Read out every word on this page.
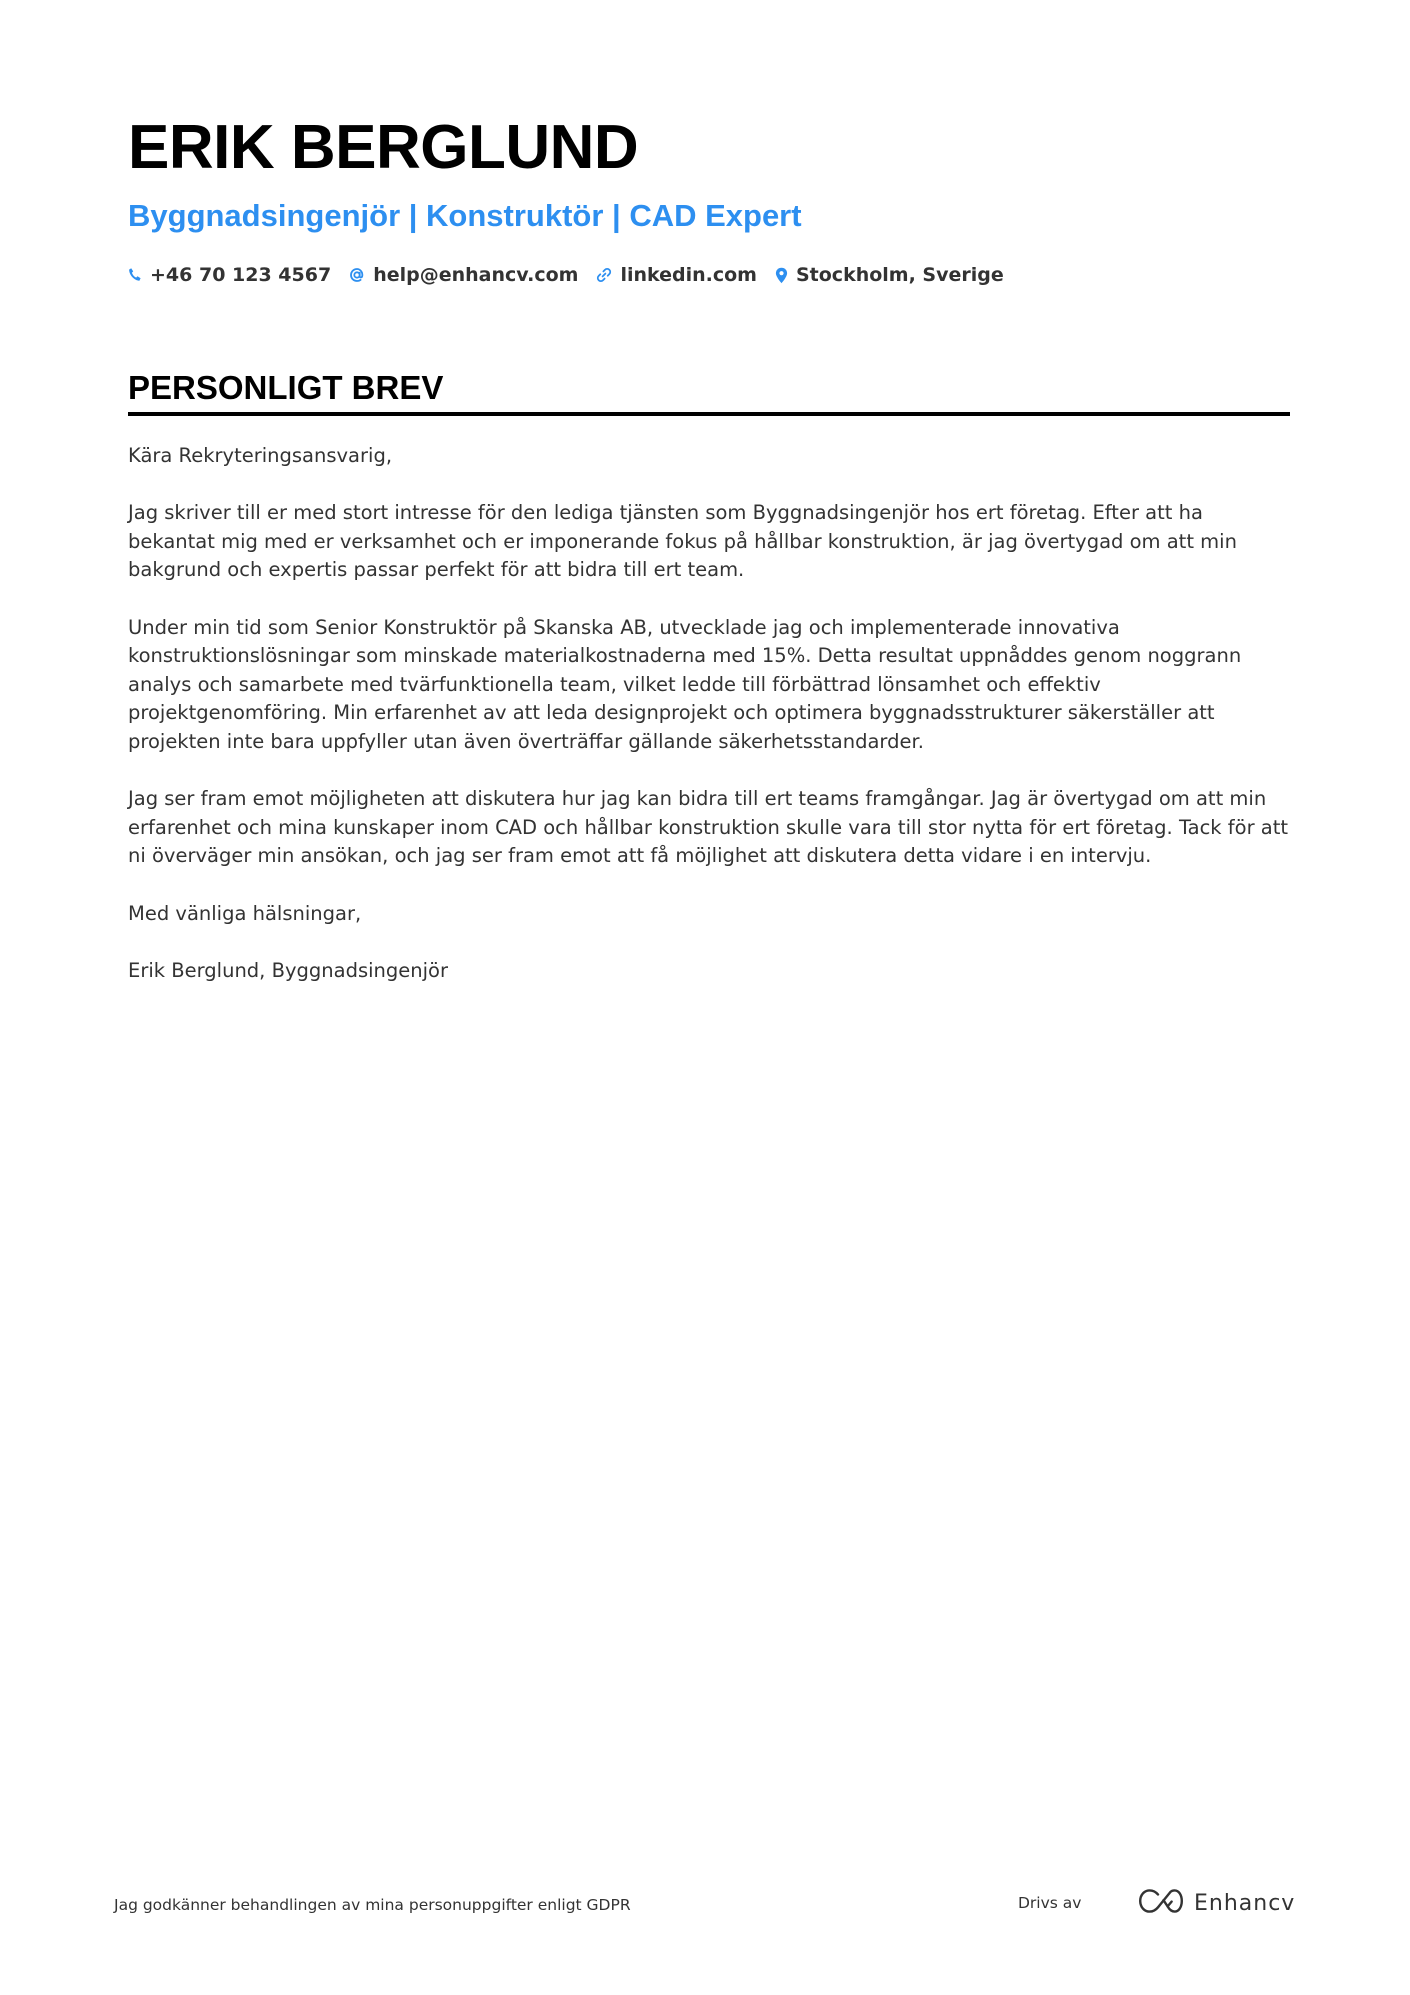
ERIK BERGLUND
Byggnadsingenjör | Konstruktör | CAD Expert
+46 70 123 4567 help@enhancv.com linkedin.com Stockholm, Sverige
PERSONLIGT BREV

Kära Rekryteringsansvarig,

Jag skriver till er med stort intresse för den lediga tjänsten som Byggnadsingenjör hos ert företag. Efter att ha bekantat mig med er verksamhet och er imponerande fokus på hållbar konstruktion, är jag övertygad om att min bakgrund och expertis passar perfekt för att bidra till ert team.

Under min tid som Senior Konstruktör på Skanska AB, utvecklade jag och implementerade innovativa konstruktionslösningar som minskade materialkostnaderna med 15%. Detta resultat uppnåddes genom noggrann analys och samarbete med tvärfunktionella team, vilket ledde till förbättrad lönsamhet och effektiv projektgenomföring. Min erfarenhet av att leda designprojekt och optimera byggnadsstrukturer säkerställer att projekten inte bara uppfyller utan även överträffar gällande säkerhetsstandarder.

Jag ser fram emot möjligheten att diskutera hur jag kan bidra till ert teams framgångar. Jag är övertygad om att min erfarenhet och mina kunskaper inom CAD och hållbar konstruktion skulle vara till stor nytta för ert företag. Tack för att ni överväger min ansökan, och jag ser fram emot att få möjlighet att diskutera detta vidare i en intervju.

Med vänliga hälsningar,

Erik Berglund, Byggnadsingenjör

Jag godkänner behandlingen av mina personuppgifter enligt GDPR	Drivs av	Enhancv
